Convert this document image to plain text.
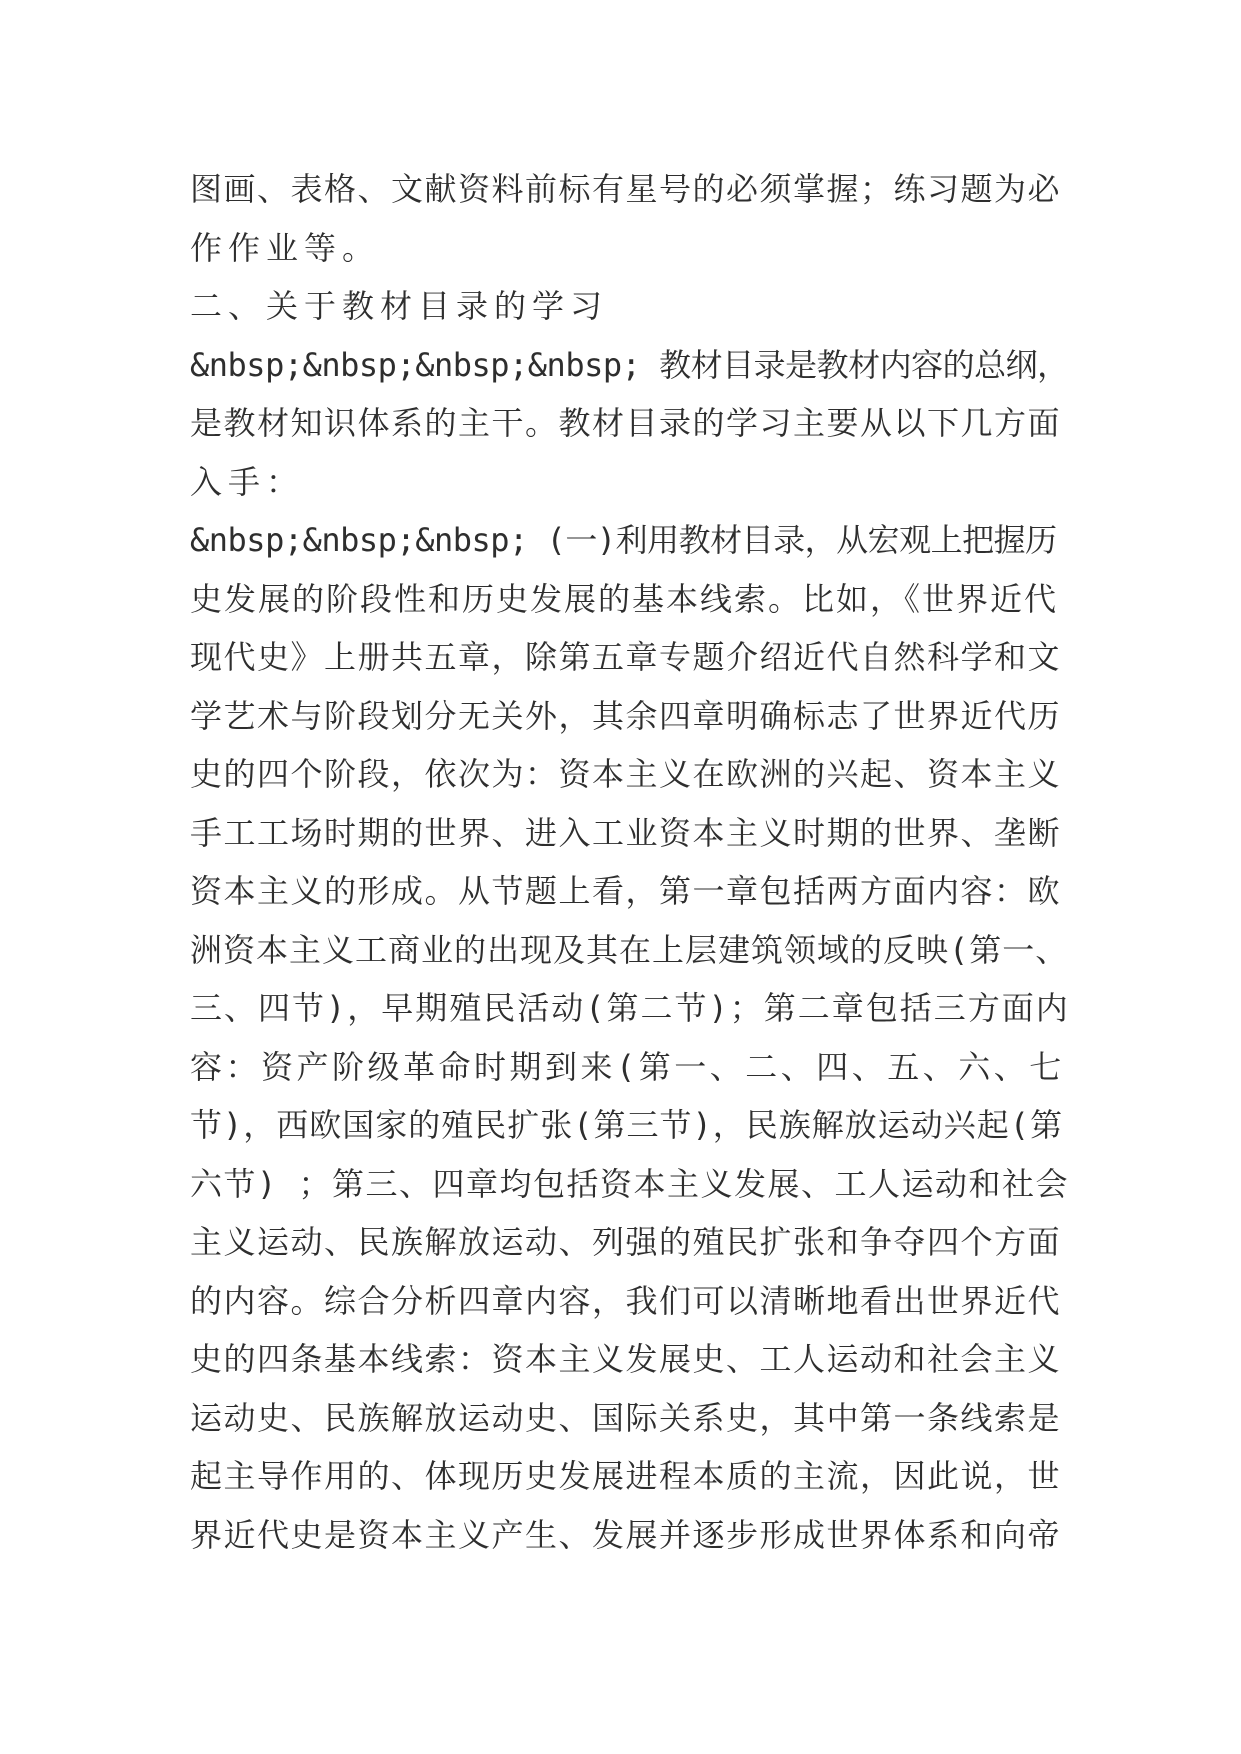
图画、表格、文献资料前标有星号的必须掌握；练习题为必
作作业等。
二、关于教材目录的学习
&nbsp;&nbsp;&nbsp;&nbsp; 教材目录是教材内容的总纲，
是教材知识体系的主干。教材目录的学习主要从以下几方面
入手：
&nbsp;&nbsp;&nbsp; (一)利用教材目录，从宏观上把握历
史发展的阶段性和历史发展的基本线索。比如，《世界近代
现代史》上册共五章，除第五章专题介绍近代自然科学和文
学艺术与阶段划分无关外，其余四章明确标志了世界近代历
史的四个阶段，依次为：资本主义在欧洲的兴起、资本主义
手工工场时期的世界、进入工业资本主义时期的世界、垄断
资本主义的形成。从节题上看，第一章包括两方面内容：欧
洲资本主义工商业的出现及其在上层建筑领域的反映(第一、
三、四节)，早期殖民活动(第二节)；第二章包括三方面内
容：资产阶级革命时期到来(第一、二、四、五、六、七
节)，西欧国家的殖民扩张(第三节)，民族解放运动兴起(第
六节) ；第三、四章均包括资本主义发展、工人运动和社会
主义运动、民族解放运动、列强的殖民扩张和争夺四个方面
的内容。综合分析四章内容，我们可以清晰地看出世界近代
史的四条基本线索：资本主义发展史、工人运动和社会主义
运动史、民族解放运动史、国际关系史，其中第一条线索是
起主导作用的、体现历史发展进程本质的主流，因此说，世
界近代史是资本主义产生、发展并逐步形成世界体系和向帝
